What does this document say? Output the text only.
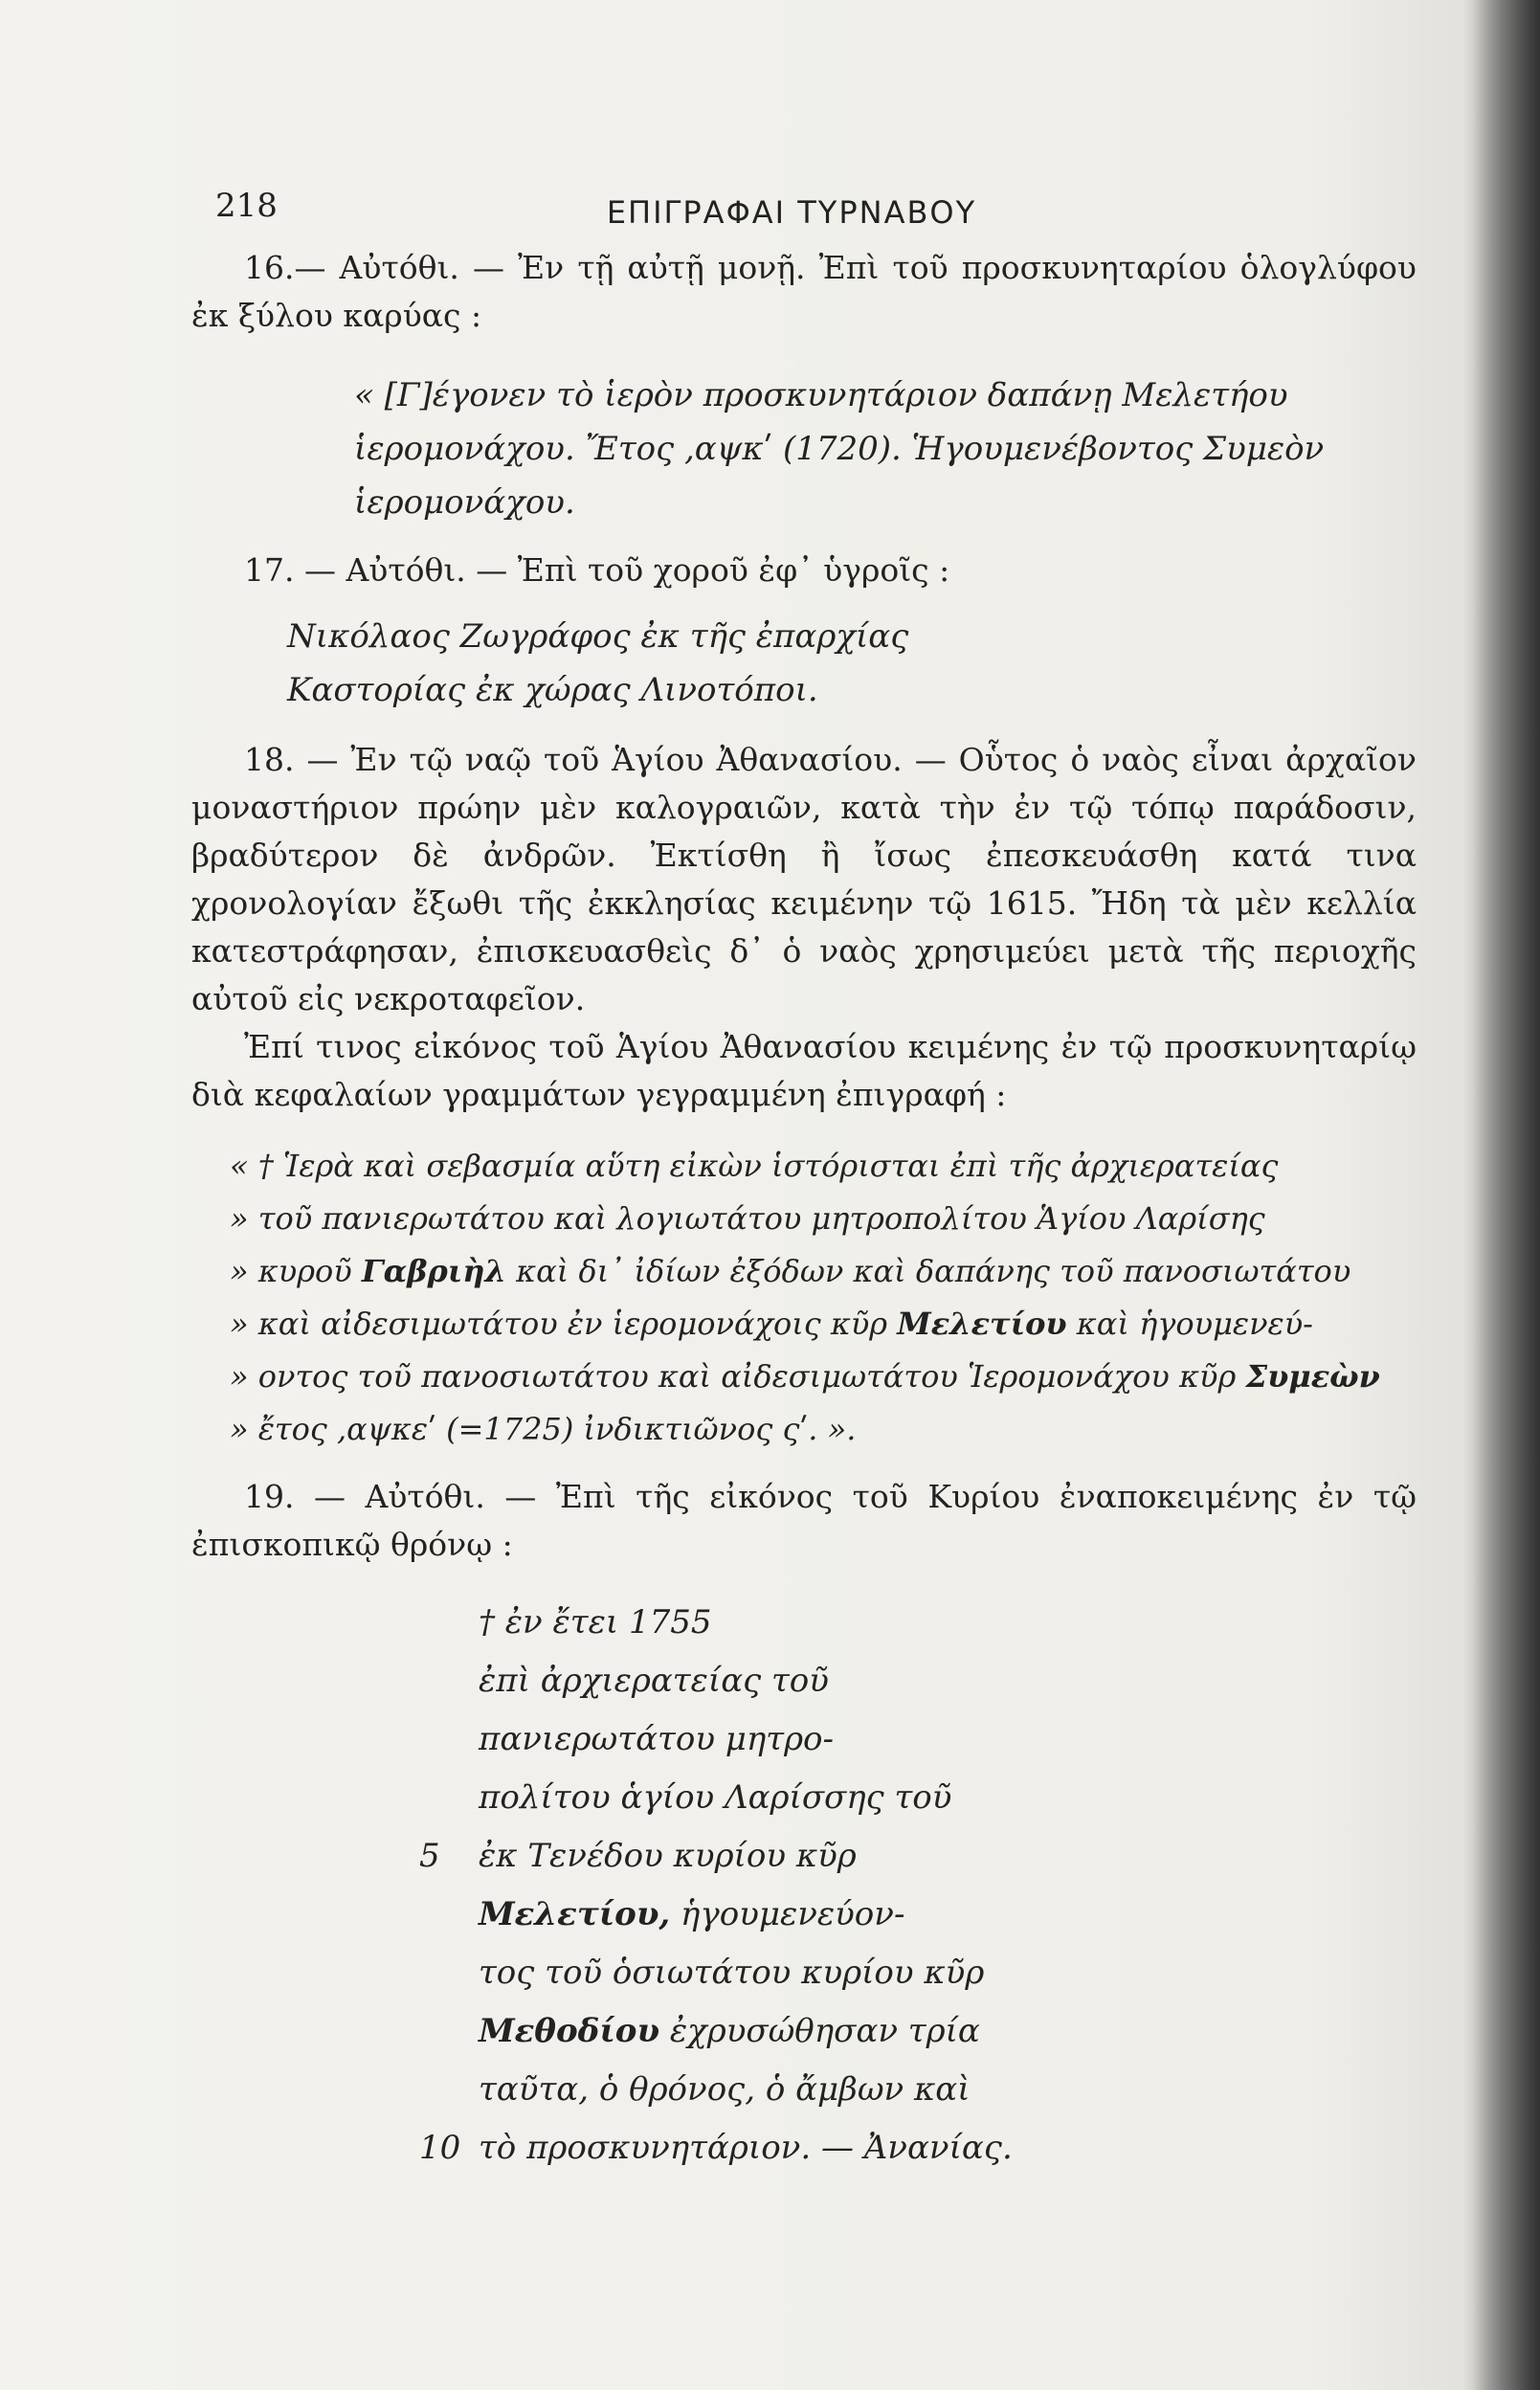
218	ΕΠΙΓΡΑΦΑΙ ΤΥΡΝΑΒΟΥ

16.— Αὐτόθι. — Ἐν τῇ αὐτῇ μονῇ. Ἐπὶ τοῦ προσκυνηταρίου ὁλογλύφου ἐκ ξύλου καρύας :

« [Γ]έγονεν τὸ ἱερὸν προσκυνητάριον δαπάνῃ Μελετήου ἱερομονάχου. Ἔτος ,αψκʹ (1720). Ἡγουμενέβοντος Συμεὸν ἱερομονάχου.

17. — Αὐτόθι. — Ἐπὶ τοῦ χοροῦ ἐφ᾽ ὑγροῖς :

Νικόλαος Ζωγράφος ἐκ τῆς ἐπαρχίας
Καστορίας ἐκ χώρας Λινοτόποι.

18. — Ἐν τῷ ναῷ τοῦ Ἁγίου Ἀθανασίου. — Οὗτος ὁ ναὸς εἶναι ἀρχαῖον μοναστήριον πρώην μὲν καλογραιῶν, κατὰ τὴν ἐν τῷ τόπῳ παράδοσιν, βραδύτερον δὲ ἀνδρῶν. Ἐκτίσθη ἢ ἴσως ἐπεσκευάσθη κατά τινα χρονολογίαν ἔξωθι τῆς ἐκκλησίας κειμένην τῷ 1615. Ἤδη τὰ μὲν κελλία κατεστράφησαν, ἐπισκευασθεὶς δ᾽ ὁ ναὸς χρησιμεύει μετὰ τῆς περιοχῆς αὐτοῦ εἰς νεκροταφεῖον.

Ἐπί τινος εἰκόνος τοῦ Ἁγίου Ἀθανασίου κειμένης ἐν τῷ προσκυνηταρίῳ διὰ κεφαλαίων γραμμάτων γεγραμμένη ἐπιγραφή :

« † Ἱερὰ καὶ σεβασμία αὕτη εἰκὼν ἱστόρισται ἐπὶ τῆς ἀρχιερατείας
» τοῦ πανιερωτάτου καὶ λογιωτάτου μητροπολίτου Ἁγίου Λαρίσης
» κυροῦ Γαβριὴλ καὶ δι᾽ ἰδίων ἐξόδων καὶ δαπάνης τοῦ πανοσιωτάτου
» καὶ αἰδεσιμωτάτου ἐν ἱερομονάχοις κῦρ Μελετίου καὶ ἡγουμενεύ-
» οντος τοῦ πανοσιωτάτου καὶ αἰδεσιμωτάτου Ἱερομονάχου κῦρ Συμεὼν
» ἔτος ,αψκεʹ (=1725) ἰνδικτιῶνος ςʹ. ».

19. — Αὐτόθι. — Ἐπὶ τῆς εἰκόνος τοῦ Κυρίου ἐναποκειμένης ἐν τῷ ἐπισκοπικῷ θρόνῳ :

† ἐν ἔτει 1755
ἐπὶ ἀρχιερατείας τοῦ
πανιερωτάτου μητρο-
πολίτου ἁγίου Λαρίσσης τοῦ
5 ἐκ Τενέδου κυρίου κῦρ
Μελετίου, ἡγουμενεύον-
τος τοῦ ὁσιωτάτου κυρίου κῦρ
Μεθοδίου ἐχρυσώθησαν τρία
ταῦτα, ὁ θρόνος, ὁ ἄμβων καὶ
10 τὸ προσκυνητάριον. — Ἀνανίας.
